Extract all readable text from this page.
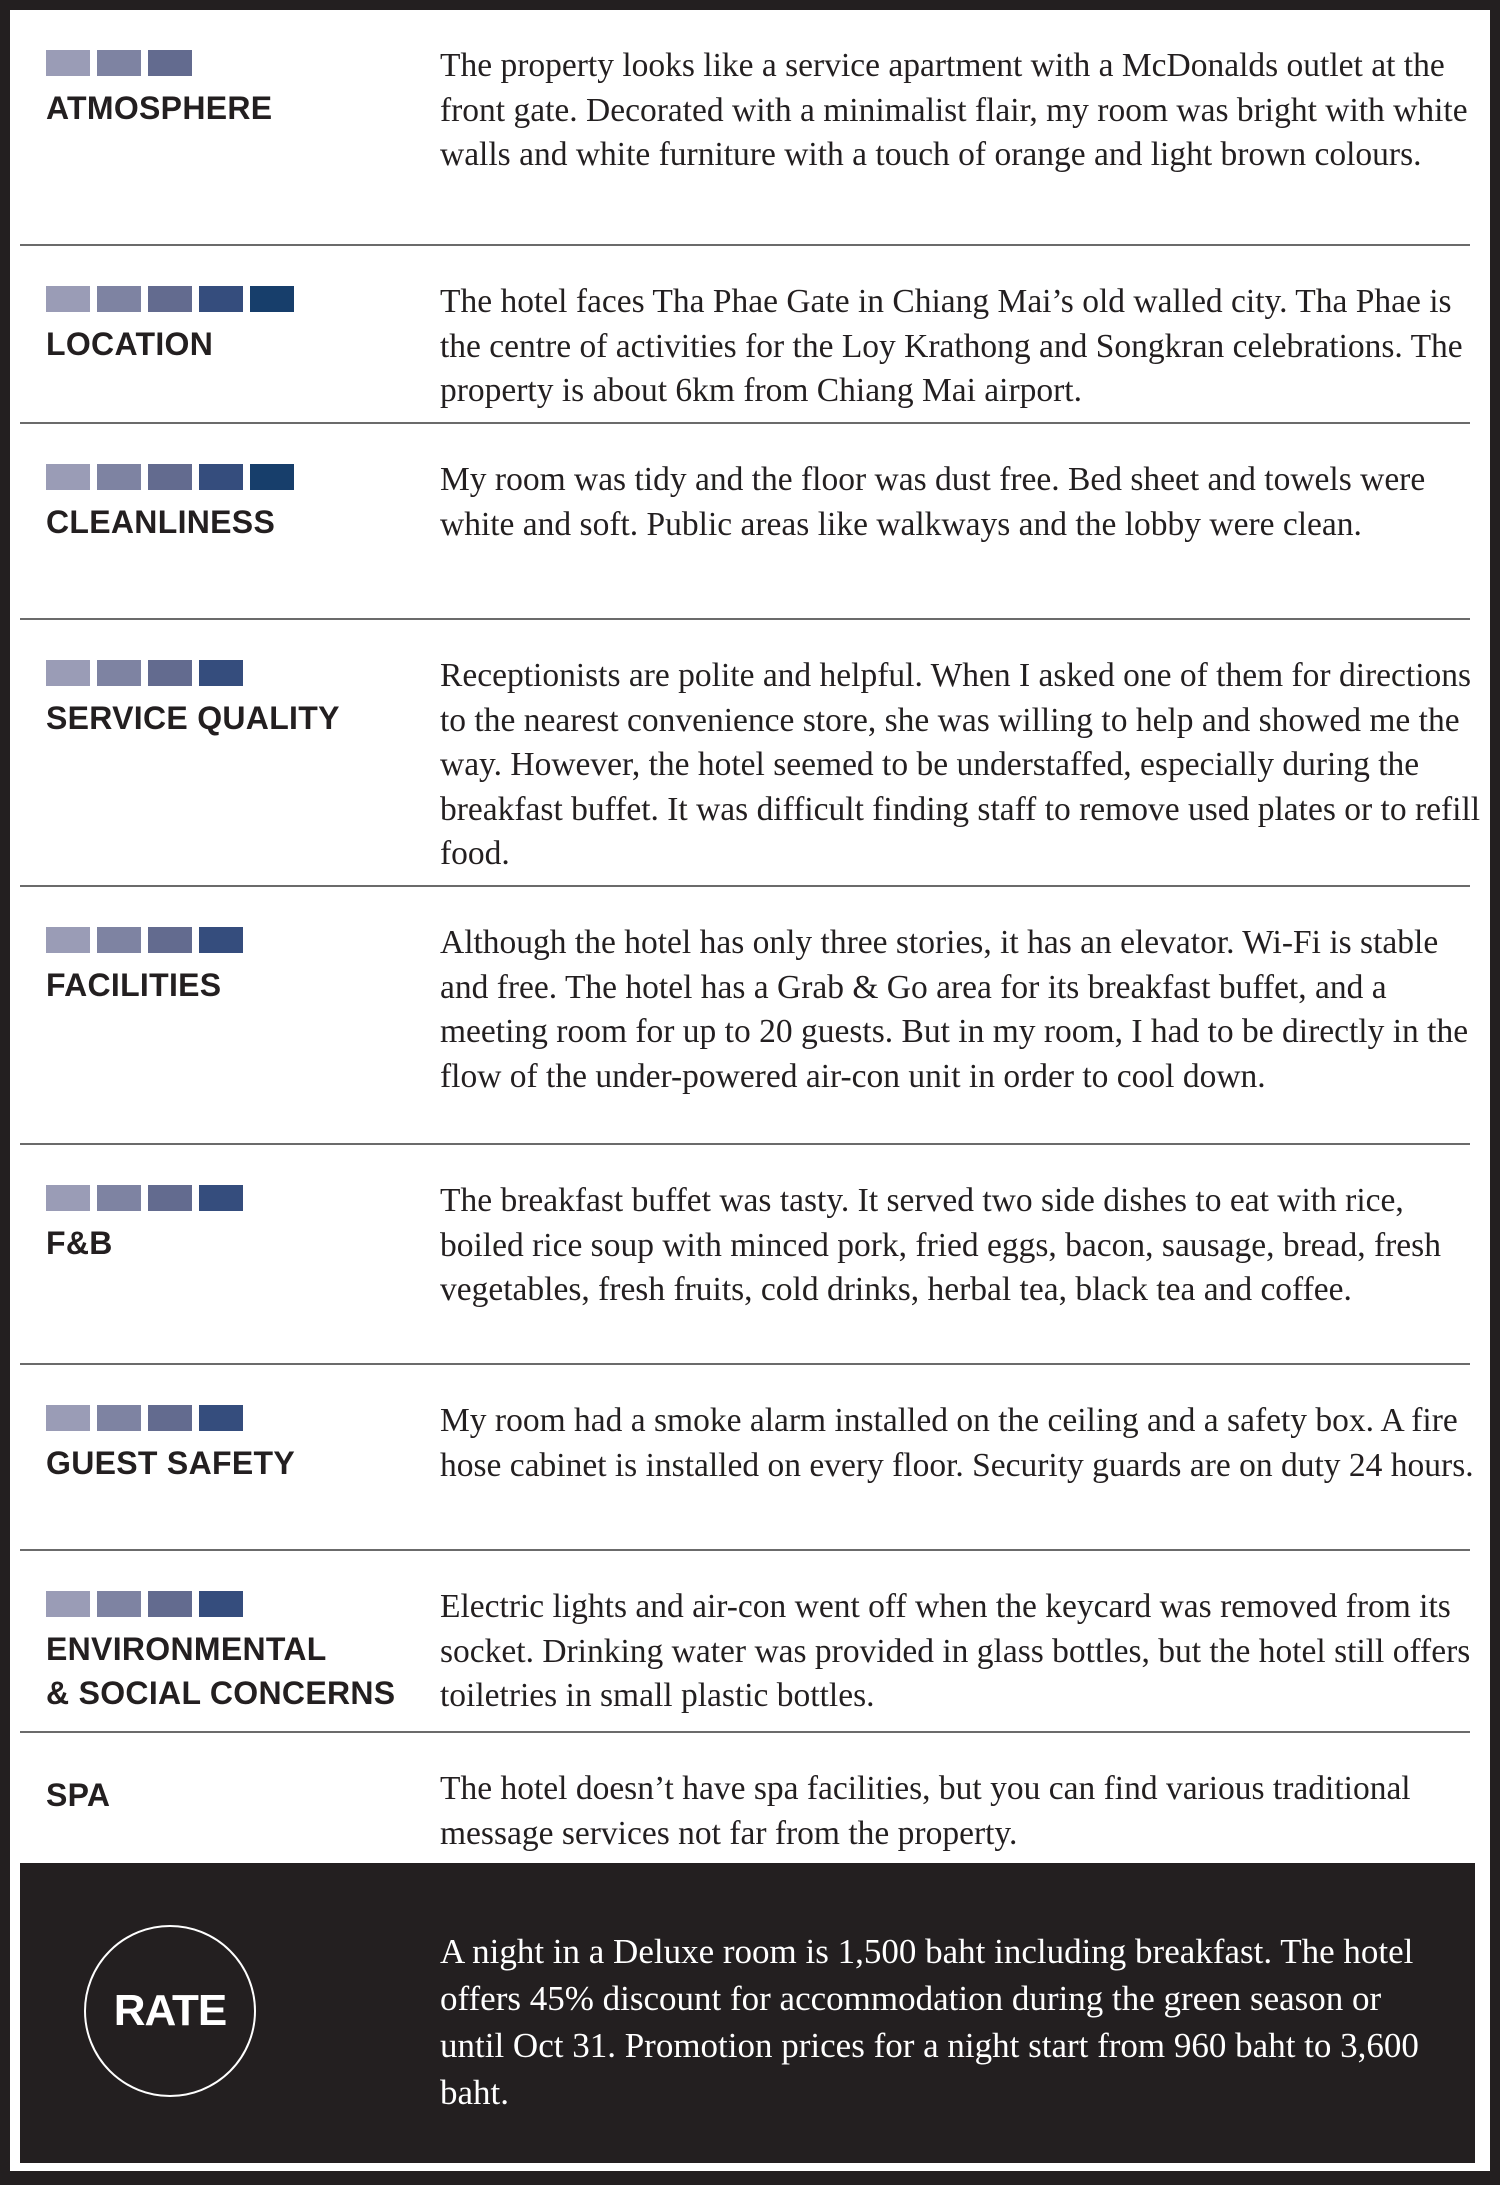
ATMOSPHERE

The property looks like a service apartment with a McDonalds outlet at the front gate. Decorated with a minimalist flair, my room was bright with white walls and white furniture with a touch of orange and light brown colours.

LOCATION

The hotel faces Tha Phae Gate in Chiang Mai’s old walled city. Tha Phae is the centre of activities for the Loy Krathong and Songkran celebrations. The property is about 6km from Chiang Mai airport.

CLEANLINESS

My room was tidy and the floor was dust free. Bed sheet and towels were white and soft. Public areas like walkways and the lobby were clean.

SERVICE QUALITY

Receptionists are polite and helpful. When I asked one of them for directions to the nearest convenience store, she was willing to help and showed me the way. However, the hotel seemed to be understaffed, especially during the breakfast buffet. It was difficult finding staff to remove used plates or to refill food.

FACILITIES

Although the hotel has only three stories, it has an elevator. Wi-Fi is stable and free. The hotel has a Grab & Go area for its breakfast buffet, and a meeting room for up to 20 guests. But in my room, I had to be directly in the flow of the under-powered air-con unit in order to cool down.

F&B

The breakfast buffet was tasty. It served two side dishes to eat with rice, boiled rice soup with minced pork, fried eggs, bacon, sausage, bread, fresh vegetables, fresh fruits, cold drinks, herbal tea, black tea and coffee.

GUEST SAFETY

My room had a smoke alarm installed on the ceiling and a safety box. A fire hose cabinet is installed on every floor. Security guards are on duty 24 hours.

ENVIRONMENTAL
& SOCIAL CONCERNS

Electric lights and air-con went off when the keycard was removed from its socket. Drinking water was provided in glass bottles, but the hotel still offers toiletries in small plastic bottles.

SPA	The hotel doesn’t have spa facilities, but you can find various traditional message services not far from the property.

RATE

A night in a Deluxe room is 1,500 baht including breakfast. The hotel offers 45% discount for accommodation during the green season or until Oct 31. Promotion prices for a night start from 960 baht to 3,600 baht.
